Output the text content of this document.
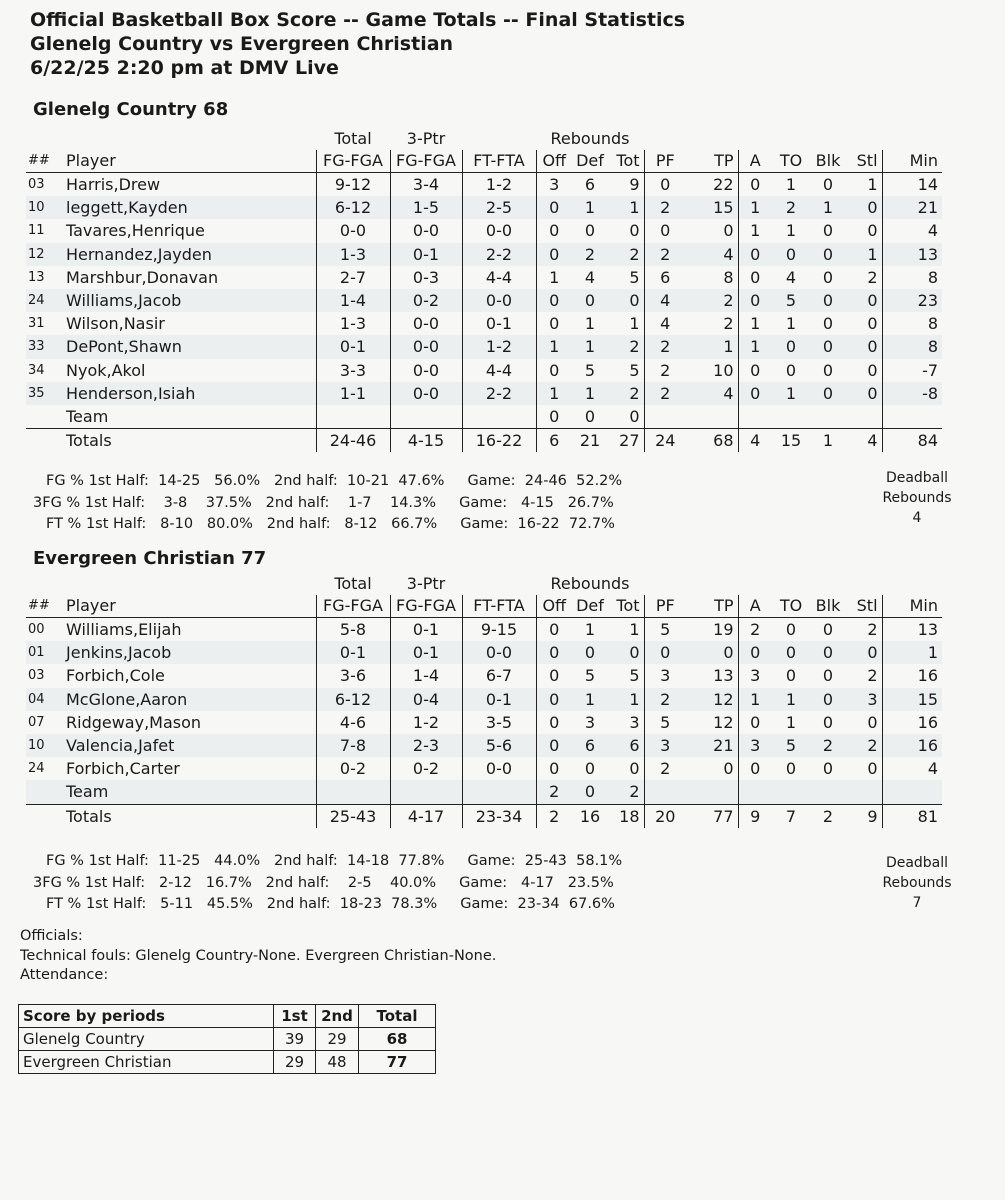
Official Basketball Box Score -- Game Totals -- Final Statistics
Glenelg Country vs Evergreen Christian
6/22/25 2:20 pm at DMV Live
Glenelg Country 68
		Total	3-Ptr		Rebounds									
##	Player	FG-FGA	FG-FGA	FT-FTA	Off	Def	Tot	PF	TP	A	TO	Blk	Stl	Min
03	Harris,Drew	9-12	3-4	1-2	3	6	9	0	22	0	1	0	1	14
10	leggett,Kayden	6-12	1-5	2-5	0	1	1	2	15	1	2	1	0	21
11	Tavares,Henrique	0-0	0-0	0-0	0	0	0	0	0	1	1	0	0	4
12	Hernandez,Jayden	1-3	0-1	2-2	0	2	2	2	4	0	0	0	1	13
13	Marshbur,Donavan	2-7	0-3	4-4	1	4	5	6	8	0	4	0	2	8
24	Williams,Jacob	1-4	0-2	0-0	0	0	0	4	2	0	5	0	0	23
31	Wilson,Nasir	1-3	0-0	0-1	0	1	1	4	2	1	1	0	0	8
33	DePont,Shawn	0-1	0-0	1-2	1	1	2	2	1	1	0	0	0	8
34	Nyok,Akol	3-3	0-0	4-4	0	5	5	2	10	0	0	0	0	-7
35	Henderson,Isiah	1-1	0-0	2-2	1	1	2	2	4	0	1	0	0	-8
	Team				0	0	0							
	Totals	24-46	4-15	16-22	6	21	27	24	68	4	15	1	4	84
FG % 1st Half:  14-25   56.0%   2nd half:  10-21  47.6%     Game:  24-46  52.2%
3FG % 1st Half:    3-8    37.5%   2nd half:    1-7    14.3%     Game:   4-15   26.7%
FT % 1st Half:   8-10   80.0%   2nd half:   8-12   66.7%     Game:  16-22  72.7%
Deadball
Rebounds
4
Evergreen Christian 77
		Total	3-Ptr		Rebounds									
##	Player	FG-FGA	FG-FGA	FT-FTA	Off	Def	Tot	PF	TP	A	TO	Blk	Stl	Min
00	Williams,Elijah	5-8	0-1	9-15	0	1	1	5	19	2	0	0	2	13
01	Jenkins,Jacob	0-1	0-1	0-0	0	0	0	0	0	0	0	0	0	1
03	Forbich,Cole	3-6	1-4	6-7	0	5	5	3	13	3	0	0	2	16
04	McGlone,Aaron	6-12	0-4	0-1	0	1	1	2	12	1	1	0	3	15
07	Ridgeway,Mason	4-6	1-2	3-5	0	3	3	5	12	0	1	0	0	16
10	Valencia,Jafet	7-8	2-3	5-6	0	6	6	3	21	3	5	2	2	16
24	Forbich,Carter	0-2	0-2	0-0	0	0	0	2	0	0	0	0	0	4
	Team				2	0	2							
	Totals	25-43	4-17	23-34	2	16	18	20	77	9	7	2	9	81
FG % 1st Half:  11-25   44.0%   2nd half:  14-18  77.8%     Game:  25-43  58.1%
3FG % 1st Half:   2-12   16.7%   2nd half:    2-5    40.0%     Game:   4-17   23.5%
FT % 1st Half:   5-11   45.5%   2nd half:  18-23  78.3%     Game:  23-34  67.6%
Deadball
Rebounds
7
Officials:
Technical fouls: Glenelg Country-None. Evergreen Christian-None.
Attendance:
Score by periods	1st	2nd	Total
Glenelg Country	39	29	68
Evergreen Christian	29	48	77
